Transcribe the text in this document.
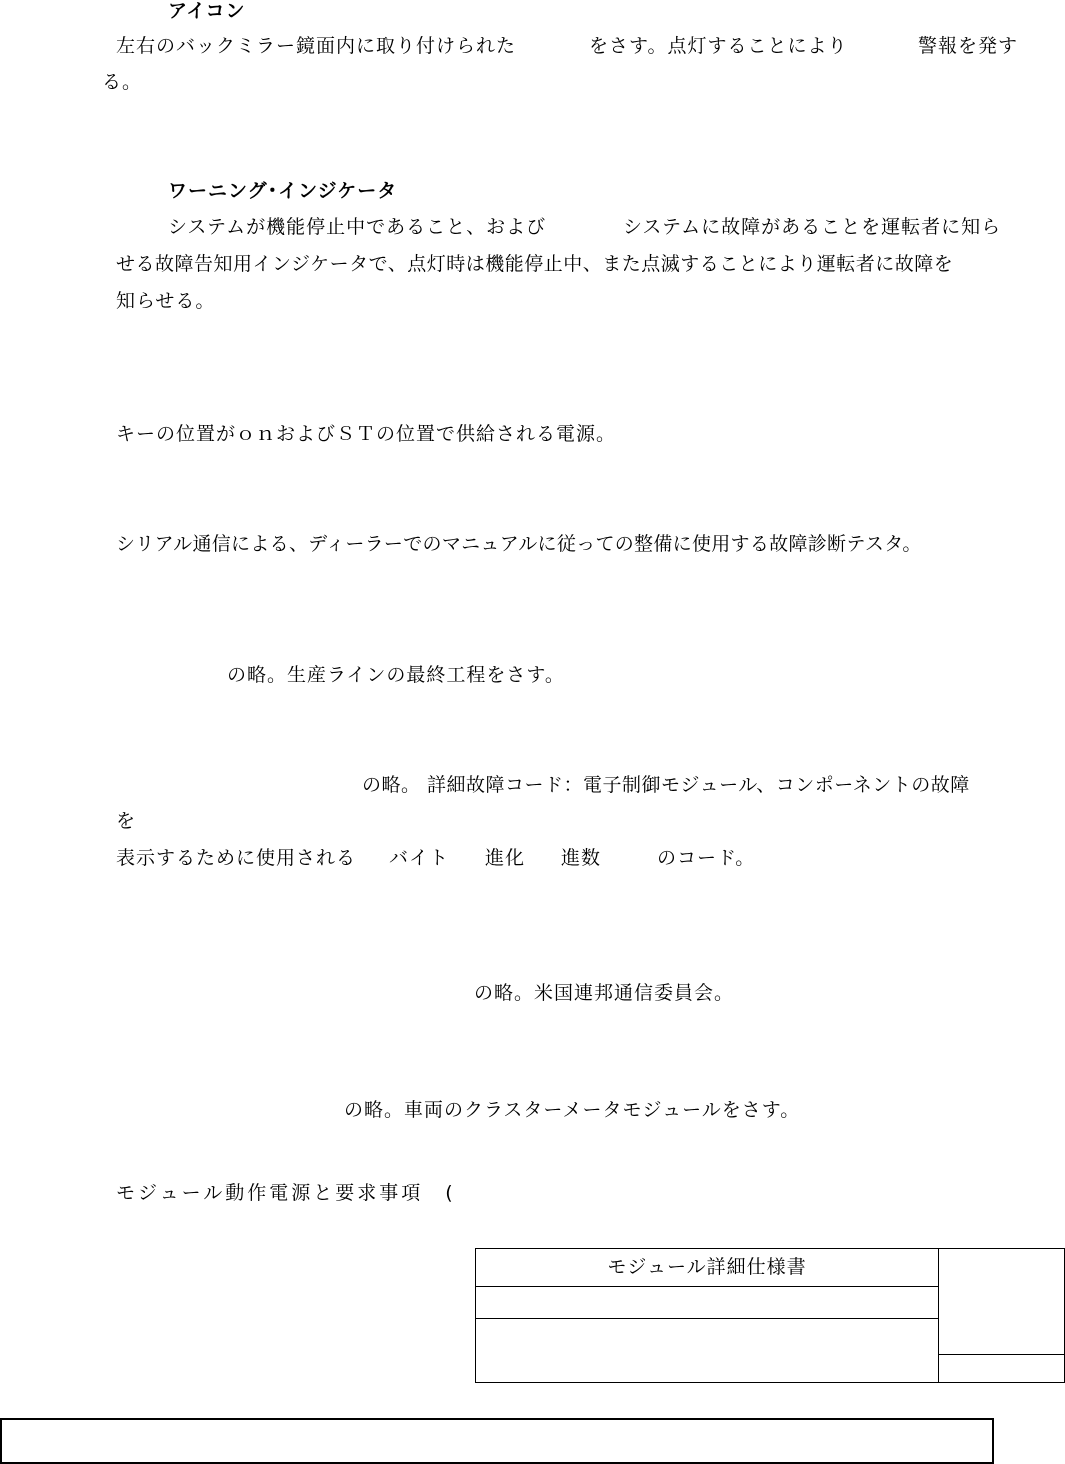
アイコン
左右のバックミラー鏡面内に取り付けられた	をさす。点灯することにより	警報を発す
る。
ワーニング･インジケータ
システムが機能停止中であること、および	システムに故障があることを運転者に知ら
せる故障告知用インジケータで、点灯時は機能停止中、また点滅することにより運転者に故障を
知らせる。
キーの位置がｏｎおよびＳＴの位置で供給される電源。
シリアル通信による、ディーラーでのマニュアルに従っての整備に使用する故障診断テスタ。
の略。生産ラインの最終工程をさす。
の略。 詳細故障コード：電子制御モジュール、コンポーネントの故障
を
表示するために使用される バイト 進化 進数	のコード。
の略。米国連邦通信委員会。
の略。車両のクラスターメータモジュールをさす。
モジュール動作電源と要求事項　(
モジュール詳細仕様書
